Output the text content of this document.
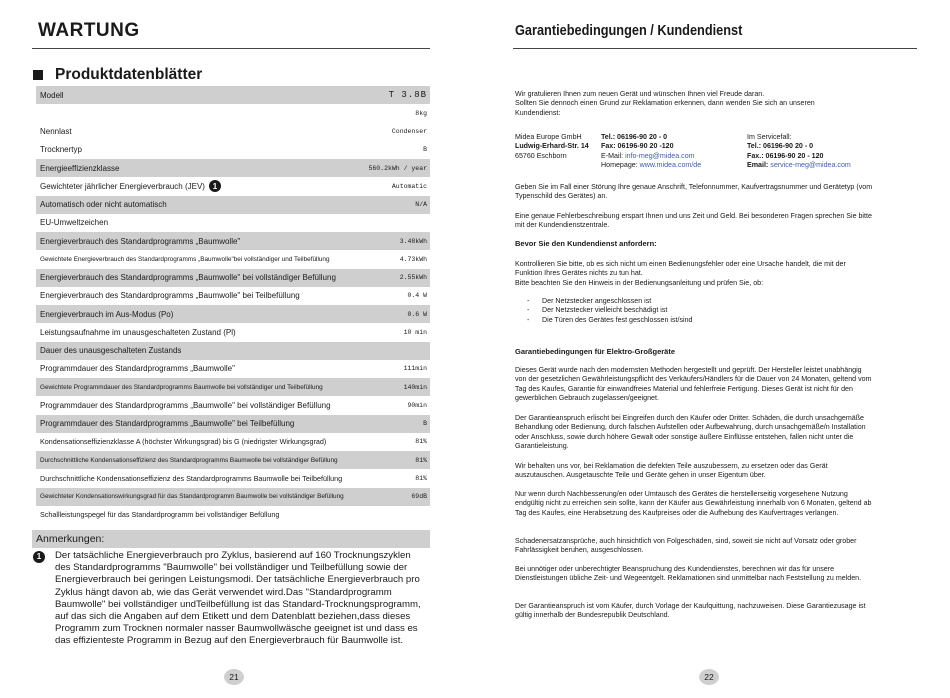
WARTUNG
Produktdatenblätter
Modell	T 3.8B
8kg
Nennlast	Condenser
Trocknertyp	B
Energieeffizienzklasse	560.2kWh / year
Gewichteter jährlicher Energieverbrauch (JEV) 1	Automatic
Automatisch oder nicht automatisch	N/A
EU-Umweltzeichen
Energieverbrauch des Standardprogramms „Baumwolle"	3.48kWh
Gewichtete Energieverbrauch des Standardprogramms „Baumwolle"bei vollständiger und Teilbefüllung	4.73kWh
Energieverbrauch des Standardprogramms „Baumwolle" bei vollständiger Befüllung	2.55kWh
Energieverbrauch des Standardprogramms „Baumwolle" bei Teilbefüllung	0.4 W
Energieverbrauch im Aus-Modus (Po)	0.6 W
Leistungsaufnahme im unausgeschalteten Zustand (Pl)	10 min
Dauer des unausgeschalteten Zustands
Programmdauer des Standardprogramms „Baumwolle"	111min
Gewichtete Programmdauer des Standardprogramms Baumwolle bei vollständiger und Teilbefüllung	140min
Programmdauer des Standardprogramms „Baumwolle" bei vollständiger Befüllung	90min
Programmdauer des Standardprogramms „Baumwolle" bei Teilbefüllung	B
Kondensationseffizienzklasse A (höchster Wirkungsgrad) bis G (niedrigster Wirkungsgrad)	81%
Durchschnittliche Kondensationseffizienz des Standardprogramms Baumwolle bei vollständiger Befüllung	81%
Durchschnittliche Kondensationseffizienz des Standardprogramms Baumwolle bei Teilbefüllung	81%
Gewichteter Kondensationswirkungsgrad für das Standardprogramm Baumwolle bei vollständiger Befüllung	69dB
Schallleistungspegel für das Standardprogramm bei vollständiger Befüllung
Anmerkungen:
1	Der tatsächliche Energieverbrauch pro Zyklus, basierend auf 160 Trocknungszyklen des Standardprogramms "Baumwolle" bei vollständiger und Teilbefüllung sowie der Energieverbrauch bei geringen Leistungsmodi. Der tatsächliche Energieverbrauch pro Zyklus hängt davon ab, wie das Gerät verwendet wird.Das "Standardprogramm Baumwolle" bei vollständiger undTeilbefüllung ist das Standard-Trocknungsprogramm, auf das sich die Angaben auf dem Etikett und dem Datenblatt beziehen,dass dieses Programm zum Trocknen normaler nasser Baumwollwäsche geeignet ist und dass es das effizienteste Programm in Bezug auf den Energieverbrauch für Baumwolle ist.
21
Garantiebedingungen / Kundendienst

Wir gratulieren Ihnen zum neuen Gerät und wünschen Ihnen viel Freude daran.

Sollten Sie dennoch einen Grund zur Reklamation erkennen, dann wenden Sie sich an unseren

Kundendienst:

Midea Europe GmbH
Ludwig-Erhard-Str. 14
65760 Eschborn
Tel.: 06196-90 20 - 0
Fax: 06196-90 20 -120
E-Mail: info-meg@midea.com
Homepage: www.midea.com/de
Im Servicefall:
Tel.: 06196-90 20 - 0
Fax.: 06196-90 20 - 120
Email: service-meg@midea.com
Geben Sie im Fall einer Störung Ihre genaue Anschrift, Telefonnummer, Kaufvertragsnummer und Gerätetyp (vom Typenschild des Gerätes) an.
Eine genaue Fehlerbeschreibung erspart Ihnen und uns Zeit und Geld. Bei besonderen Fragen sprechen Sie bitte mit der Kundendienstzentrale.
Bevor Sie den Kundendienst anfordern:

Kontrollieren Sie bitte, ob es sich nicht um einen Bedienungsfehler oder eine Ursache handelt, die mit der Funktion Ihres Gerätes nichts zu tun hat.

Bitte beachten Sie den Hinweis in der Bedienungsanleitung und prüfen Sie, ob:

- Der Netzstecker angeschlossen ist
- Der Netzstecker vielleicht beschädigt ist
- Die Türen des Gerätes fest geschlossen ist/sind
Garantiebedingungen für Elektro-Großgeräte
Dieses Gerät wurde nach den modernsten Methoden hergestellt und geprüft. Der Hersteller leistet unabhängig von der gesetzlichen Gewährleistungspflicht des Verkäufers/Händlers für die Dauer von 24 Monaten, geltend vom Tag des Kaufes, Garantie für einwandfreies Material und fehlerfreie Fertigung. Dieses Gerät ist nicht für den gewerblichen Gebrauch zugelassen/geeignet.
Der Garantieanspruch erlischt bei Eingreifen durch den Käufer oder Dritter. Schäden, die durch unsachgemäße Behandlung oder Bedienung, durch falschen Aufstellen oder Aufbewahrung, durch unsachgemäße/n Installation oder Anschluss, sowie durch höhere Gewalt oder sonstige äußere Einflüsse entstehen, fallen nicht unter die Garantieleistung.
Wir behalten uns vor, bei Reklamation die defekten Teile auszubessern, zu ersetzen oder das Gerät auszutauschen. Ausgetauschte Teile und Geräte gehen in unser Eigentum über.
Nur wenn durch Nachbesserung/en oder Umtausch des Gerätes die herstellerseitig vorgesehene Nutzung endgültig nicht zu erreichen sein sollte, kann der Käufer aus Gewährleistung innerhalb von 6 Monaten, geltend ab Tag des Kaufes, eine Herabsetzung des Kaufpreises oder die Aufhebung des Kaufvertrages verlangen.
Schadenersatzansprüche, auch hinsichtlich von Folgeschäden, sind, soweit sie nicht auf Vorsatz oder grober Fahrlässigkeit beruhen, ausgeschlossen.
Bei unnötiger oder unberechtigter Beanspruchung des Kundendienstes, berechnen wir das für unsere Dienstleistungen übliche Zeit- und Wegeentgelt. Reklamationen sind unmittelbar nach Feststellung zu melden.
Der Garantieanspruch ist vom Käufer, durch Vorlage der Kaufquittung, nachzuweisen. Diese Garantiezusage ist gültig innerhalb der Bundesrepublik Deutschland.
22
